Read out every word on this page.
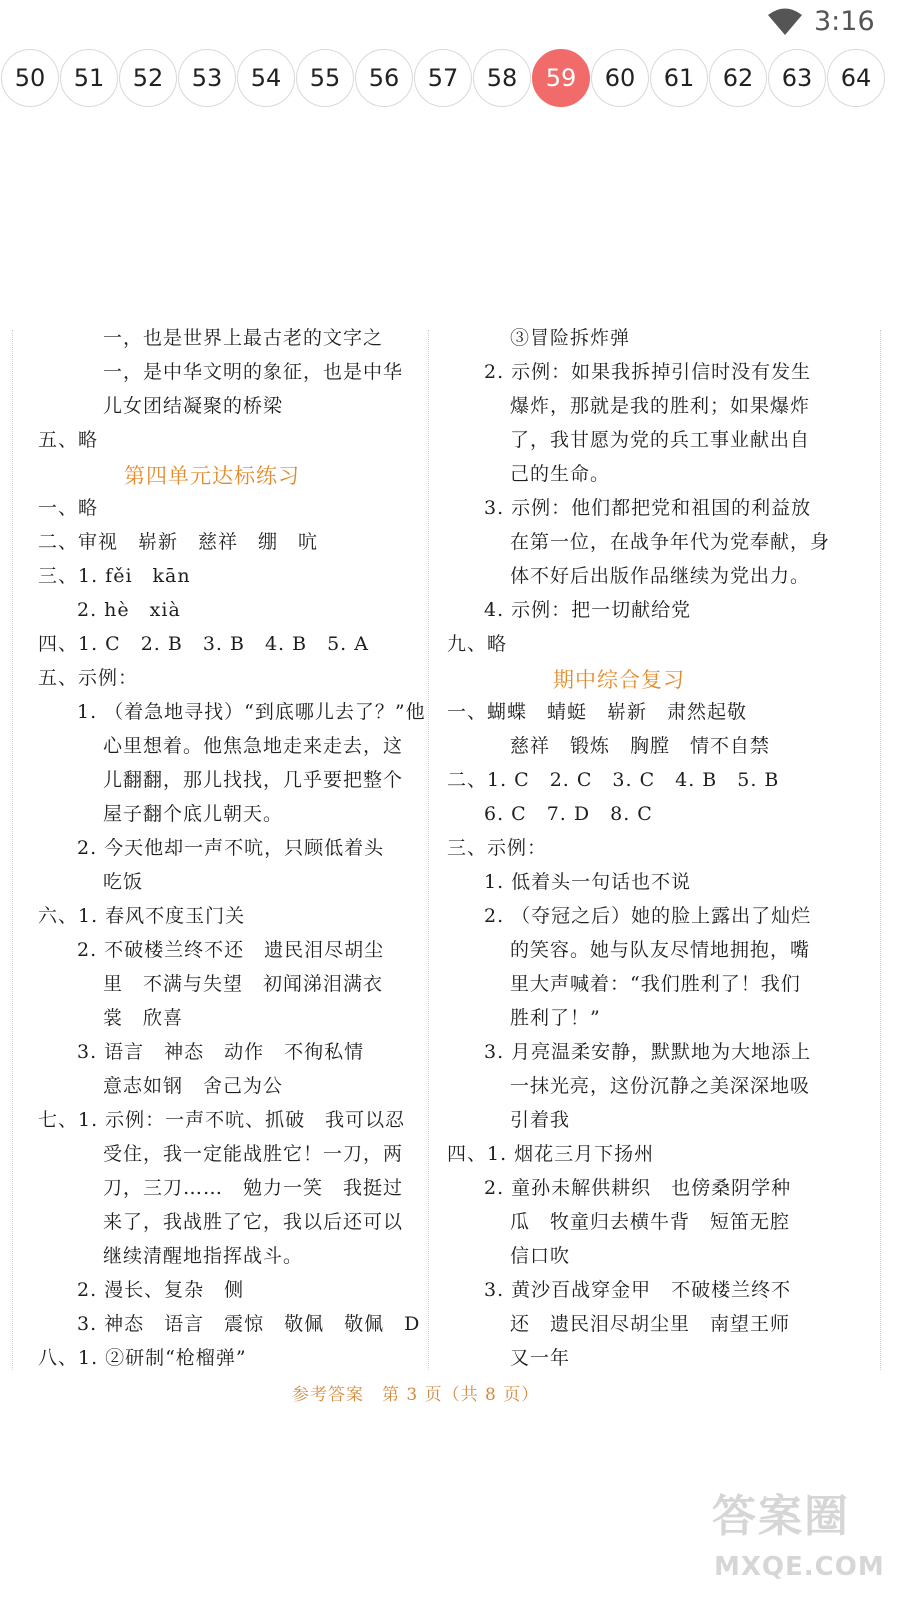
3:16
50	51	52	53	54	55	56	57	58	59	60	61	62	63	64
一，也是世界上最古老的文字之
一，是中华文明的象征，也是中华
儿女团结凝聚的桥梁
五、略
第四单元达标练习
一、略
二、审视　崭新　慈祥　绷　吭
三、1. fěi　kān
2. hè　xià
四、1. C　2. B　3. B　4. B　5. A
五、示例：
1. （着急地寻找）“到底哪儿去了？”他
心里想着。他焦急地走来走去，这
儿翻翻，那儿找找，几乎要把整个
屋子翻个底儿朝天。
2. 今天他却一声不吭，只顾低着头
吃饭
六、1. 春风不度玉门关
2. 不破楼兰终不还　遗民泪尽胡尘
里　不满与失望　初闻涕泪满衣
裳　欣喜
3. 语言　神态　动作　不徇私情
意志如钢　舍己为公
七、1. 示例：一声不吭、抓破　我可以忍
受住，我一定能战胜它！一刀，两
刀，三刀……　勉力一笑　我挺过
来了，我战胜了它，我以后还可以
继续清醒地指挥战斗。
2. 漫长、复杂　侧
3. 神态　语言　震惊　敬佩　敬佩　D
八、1. ②研制“枪榴弹”
③冒险拆炸弹
2. 示例：如果我拆掉引信时没有发生
爆炸，那就是我的胜利；如果爆炸
了，我甘愿为党的兵工事业献出自
己的生命。
3. 示例：他们都把党和祖国的利益放
在第一位，在战争年代为党奉献，身
体不好后出版作品继续为党出力。
4. 示例：把一切献给党
九、略
期中综合复习
一、蝴蝶　蜻蜓　崭新　肃然起敬
慈祥　锻炼　胸膛　情不自禁
二、1. C　2. C　3. C　4. B　5. B
6. C　7. D　8. C
三、示例：
1. 低着头一句话也不说
2. （夺冠之后）她的脸上露出了灿烂
的笑容。她与队友尽情地拥抱，嘴
里大声喊着：“我们胜利了！我们
胜利了！”
3. 月亮温柔安静，默默地为大地添上
一抹光亮，这份沉静之美深深地吸
引着我
四、1. 烟花三月下扬州
2. 童孙未解供耕织　也傍桑阴学种
瓜　牧童归去横牛背　短笛无腔
信口吹
3. 黄沙百战穿金甲　不破楼兰终不
还　遗民泪尽胡尘里　南望王师
又一年
参考答案　第 3 页（共 8 页）
答案圈
MXQE.COM
